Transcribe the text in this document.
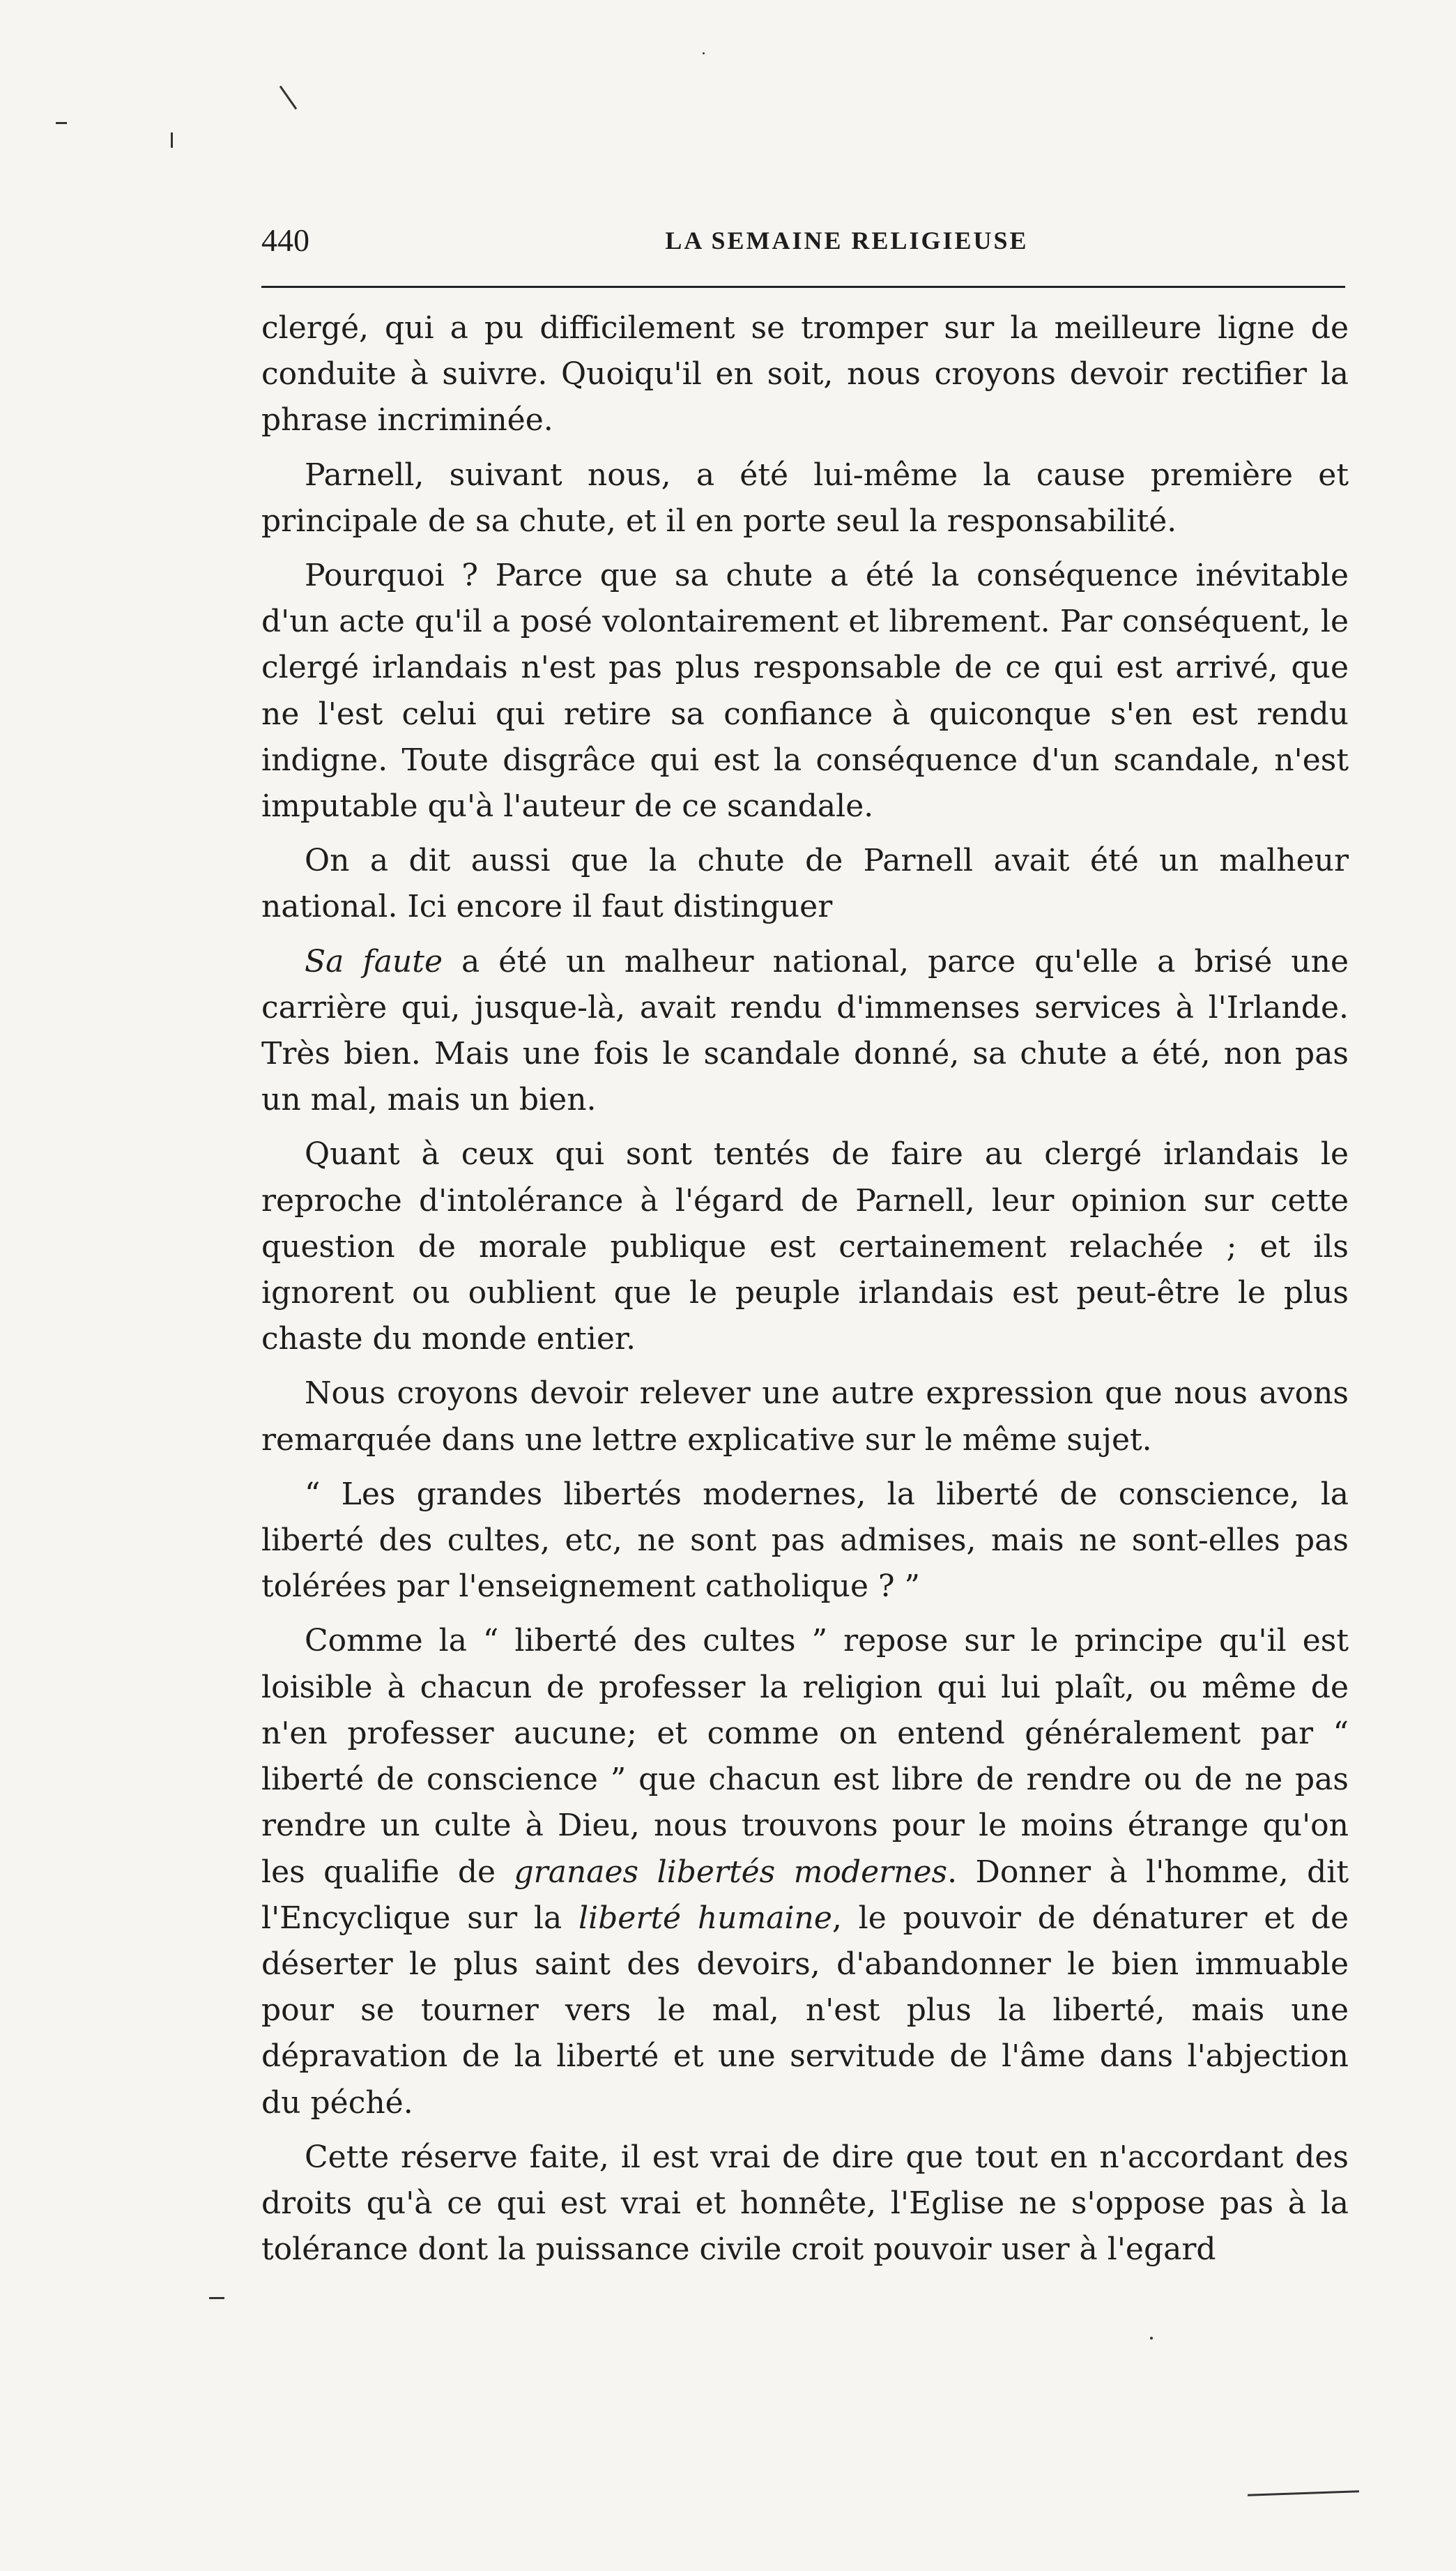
440	LA SEMAINE RELIGIEUSE

clergé, qui a pu difficilement se tromper sur la meilleure ligne de conduite à suivre. Quoiqu'il en soit, nous croyons devoir rectifier la phrase incriminée.

Parnell, suivant nous, a été lui-même la cause première et principale de sa chute, et il en porte seul la responsabilité.

Pourquoi ? Parce que sa chute a été la conséquence inévitable d'un acte qu'il a posé volontairement et librement. Par conséquent, le clergé irlandais n'est pas plus responsable de ce qui est arrivé, que ne l'est celui qui retire sa confiance à quiconque s'en est rendu indigne. Toute disgrâce qui est la conséquence d'un scandale, n'est imputable qu'à l'auteur de ce scandale.

On a dit aussi que la chute de Parnell avait été un malheur national. Ici encore il faut distinguer

Sa faute a été un malheur national, parce qu'elle a brisé une carrière qui, jusque-là, avait rendu d'immenses services à l'Irlande. Très bien. Mais une fois le scandale donné, sa chute a été, non pas un mal, mais un bien.

Quant à ceux qui sont tentés de faire au clergé irlandais le reproche d'intolérance à l'égard de Parnell, leur opinion sur cette question de morale publique est certainement relachée ; et ils ignorent ou oublient que le peuple irlandais est peut-être le plus chaste du monde entier.

Nous croyons devoir relever une autre expression que nous avons remarquée dans une lettre explicative sur le même sujet.

“ Les grandes libertés modernes, la liberté de conscience, la liberté des cultes, etc, ne sont pas admises, mais ne sont-elles pas tolérées par l'enseignement catholique ? ”

Comme la “ liberté des cultes ” repose sur le principe qu'il est loisible à chacun de professer la religion qui lui plaît, ou même de n'en professer aucune; et comme on entend généralement par “ liberté de conscience ” que chacun est libre de rendre ou de ne pas rendre un culte à Dieu, nous trouvons pour le moins étrange qu'on les qualifie de granaes libertés modernes. Donner à l'homme, dit l'Encyclique sur la liberté humaine, le pouvoir de dénaturer et de déserter le plus saint des devoirs, d'abandonner le bien immuable pour se tourner vers le mal, n'est plus la liberté, mais une dépravation de la liberté et une servitude de l'âme dans l'abjection du péché.

Cette réserve faite, il est vrai de dire que tout en n'accordant des droits qu'à ce qui est vrai et honnête, l'Eglise ne s'oppose pas à la tolérance dont la puissance civile croit pouvoir user à l'egard
